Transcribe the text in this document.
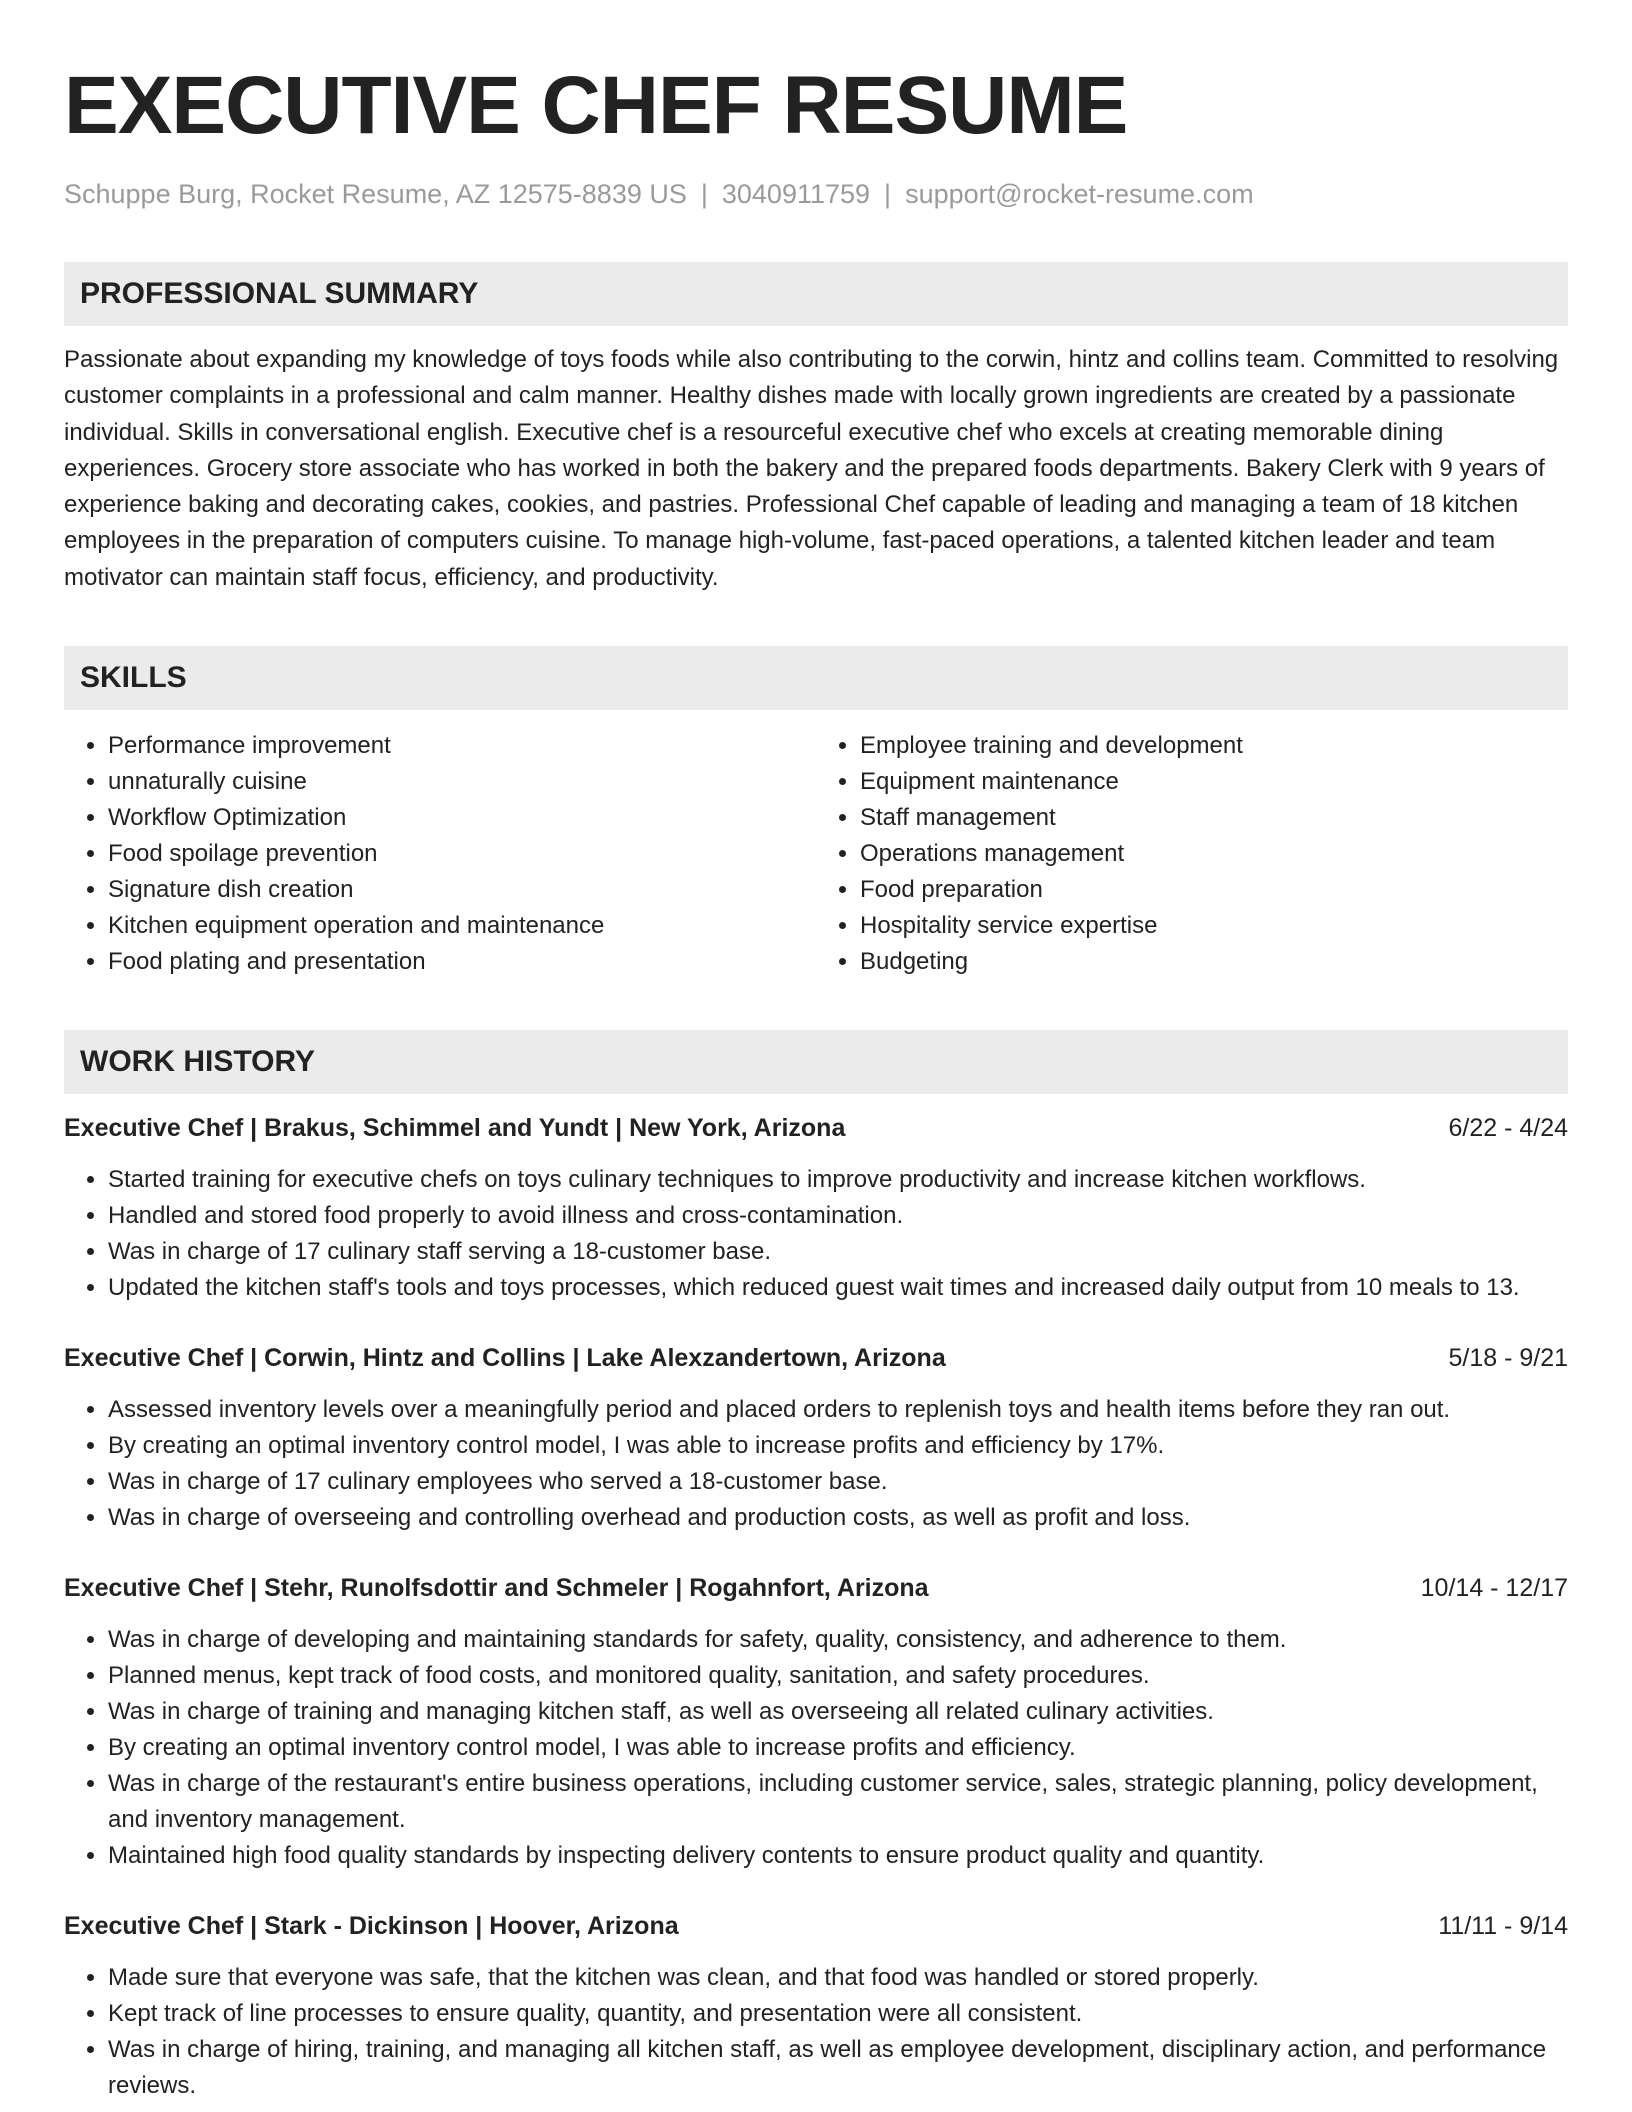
EXECUTIVE CHEF RESUME
Schuppe Burg, Rocket Resume, AZ 12575-8839 US | 3040911759 | support@rocket-resume.com
PROFESSIONAL SUMMARY
Passionate about expanding my knowledge of toys foods while also contributing to the corwin, hintz and collins team. Committed to resolving customer complaints in a professional and calm manner. Healthy dishes made with locally grown ingredients are created by a passionate individual. Skills in conversational english. Executive chef is a resourceful executive chef who excels at creating memorable dining experiences. Grocery store associate who has worked in both the bakery and the prepared foods departments. Bakery Clerk with 9 years of experience baking and decorating cakes, cookies, and pastries. Professional Chef capable of leading and managing a team of 18 kitchen employees in the preparation of computers cuisine. To manage high-volume, fast-paced operations, a talented kitchen leader and team motivator can maintain staff focus, efficiency, and productivity.
SKILLS
• Performance improvement
• unnaturally cuisine
• Workflow Optimization
• Food spoilage prevention
• Signature dish creation
• Kitchen equipment operation and maintenance
• Food plating and presentation
• Employee training and development
• Equipment maintenance
• Staff management
• Operations management
• Food preparation
• Hospitality service expertise
• Budgeting
WORK HISTORY
Executive Chef | Brakus, Schimmel and Yundt | New York, Arizona	6/22 - 4/24
• Started training for executive chefs on toys culinary techniques to improve productivity and increase kitchen workflows.
• Handled and stored food properly to avoid illness and cross-contamination.
• Was in charge of 17 culinary staff serving a 18-customer base.
• Updated the kitchen staff's tools and toys processes, which reduced guest wait times and increased daily output from 10 meals to 13.
Executive Chef | Corwin, Hintz and Collins | Lake Alexzandertown, Arizona	5/18 - 9/21
• Assessed inventory levels over a meaningfully period and placed orders to replenish toys and health items before they ran out.
• By creating an optimal inventory control model, I was able to increase profits and efficiency by 17%.
• Was in charge of 17 culinary employees who served a 18-customer base.
• Was in charge of overseeing and controlling overhead and production costs, as well as profit and loss.
Executive Chef | Stehr, Runolfsdottir and Schmeler | Rogahnfort, Arizona	10/14 - 12/17
• Was in charge of developing and maintaining standards for safety, quality, consistency, and adherence to them.
• Planned menus, kept track of food costs, and monitored quality, sanitation, and safety procedures.
• Was in charge of training and managing kitchen staff, as well as overseeing all related culinary activities.
• By creating an optimal inventory control model, I was able to increase profits and efficiency.
• Was in charge of the restaurant's entire business operations, including customer service, sales, strategic planning, policy development, and inventory management.
• Maintained high food quality standards by inspecting delivery contents to ensure product quality and quantity.
Executive Chef | Stark - Dickinson | Hoover, Arizona	11/11 - 9/14
• Made sure that everyone was safe, that the kitchen was clean, and that food was handled or stored properly.
• Kept track of line processes to ensure quality, quantity, and presentation were all consistent.
• Was in charge of hiring, training, and managing all kitchen staff, as well as employee development, disciplinary action, and performance reviews.
